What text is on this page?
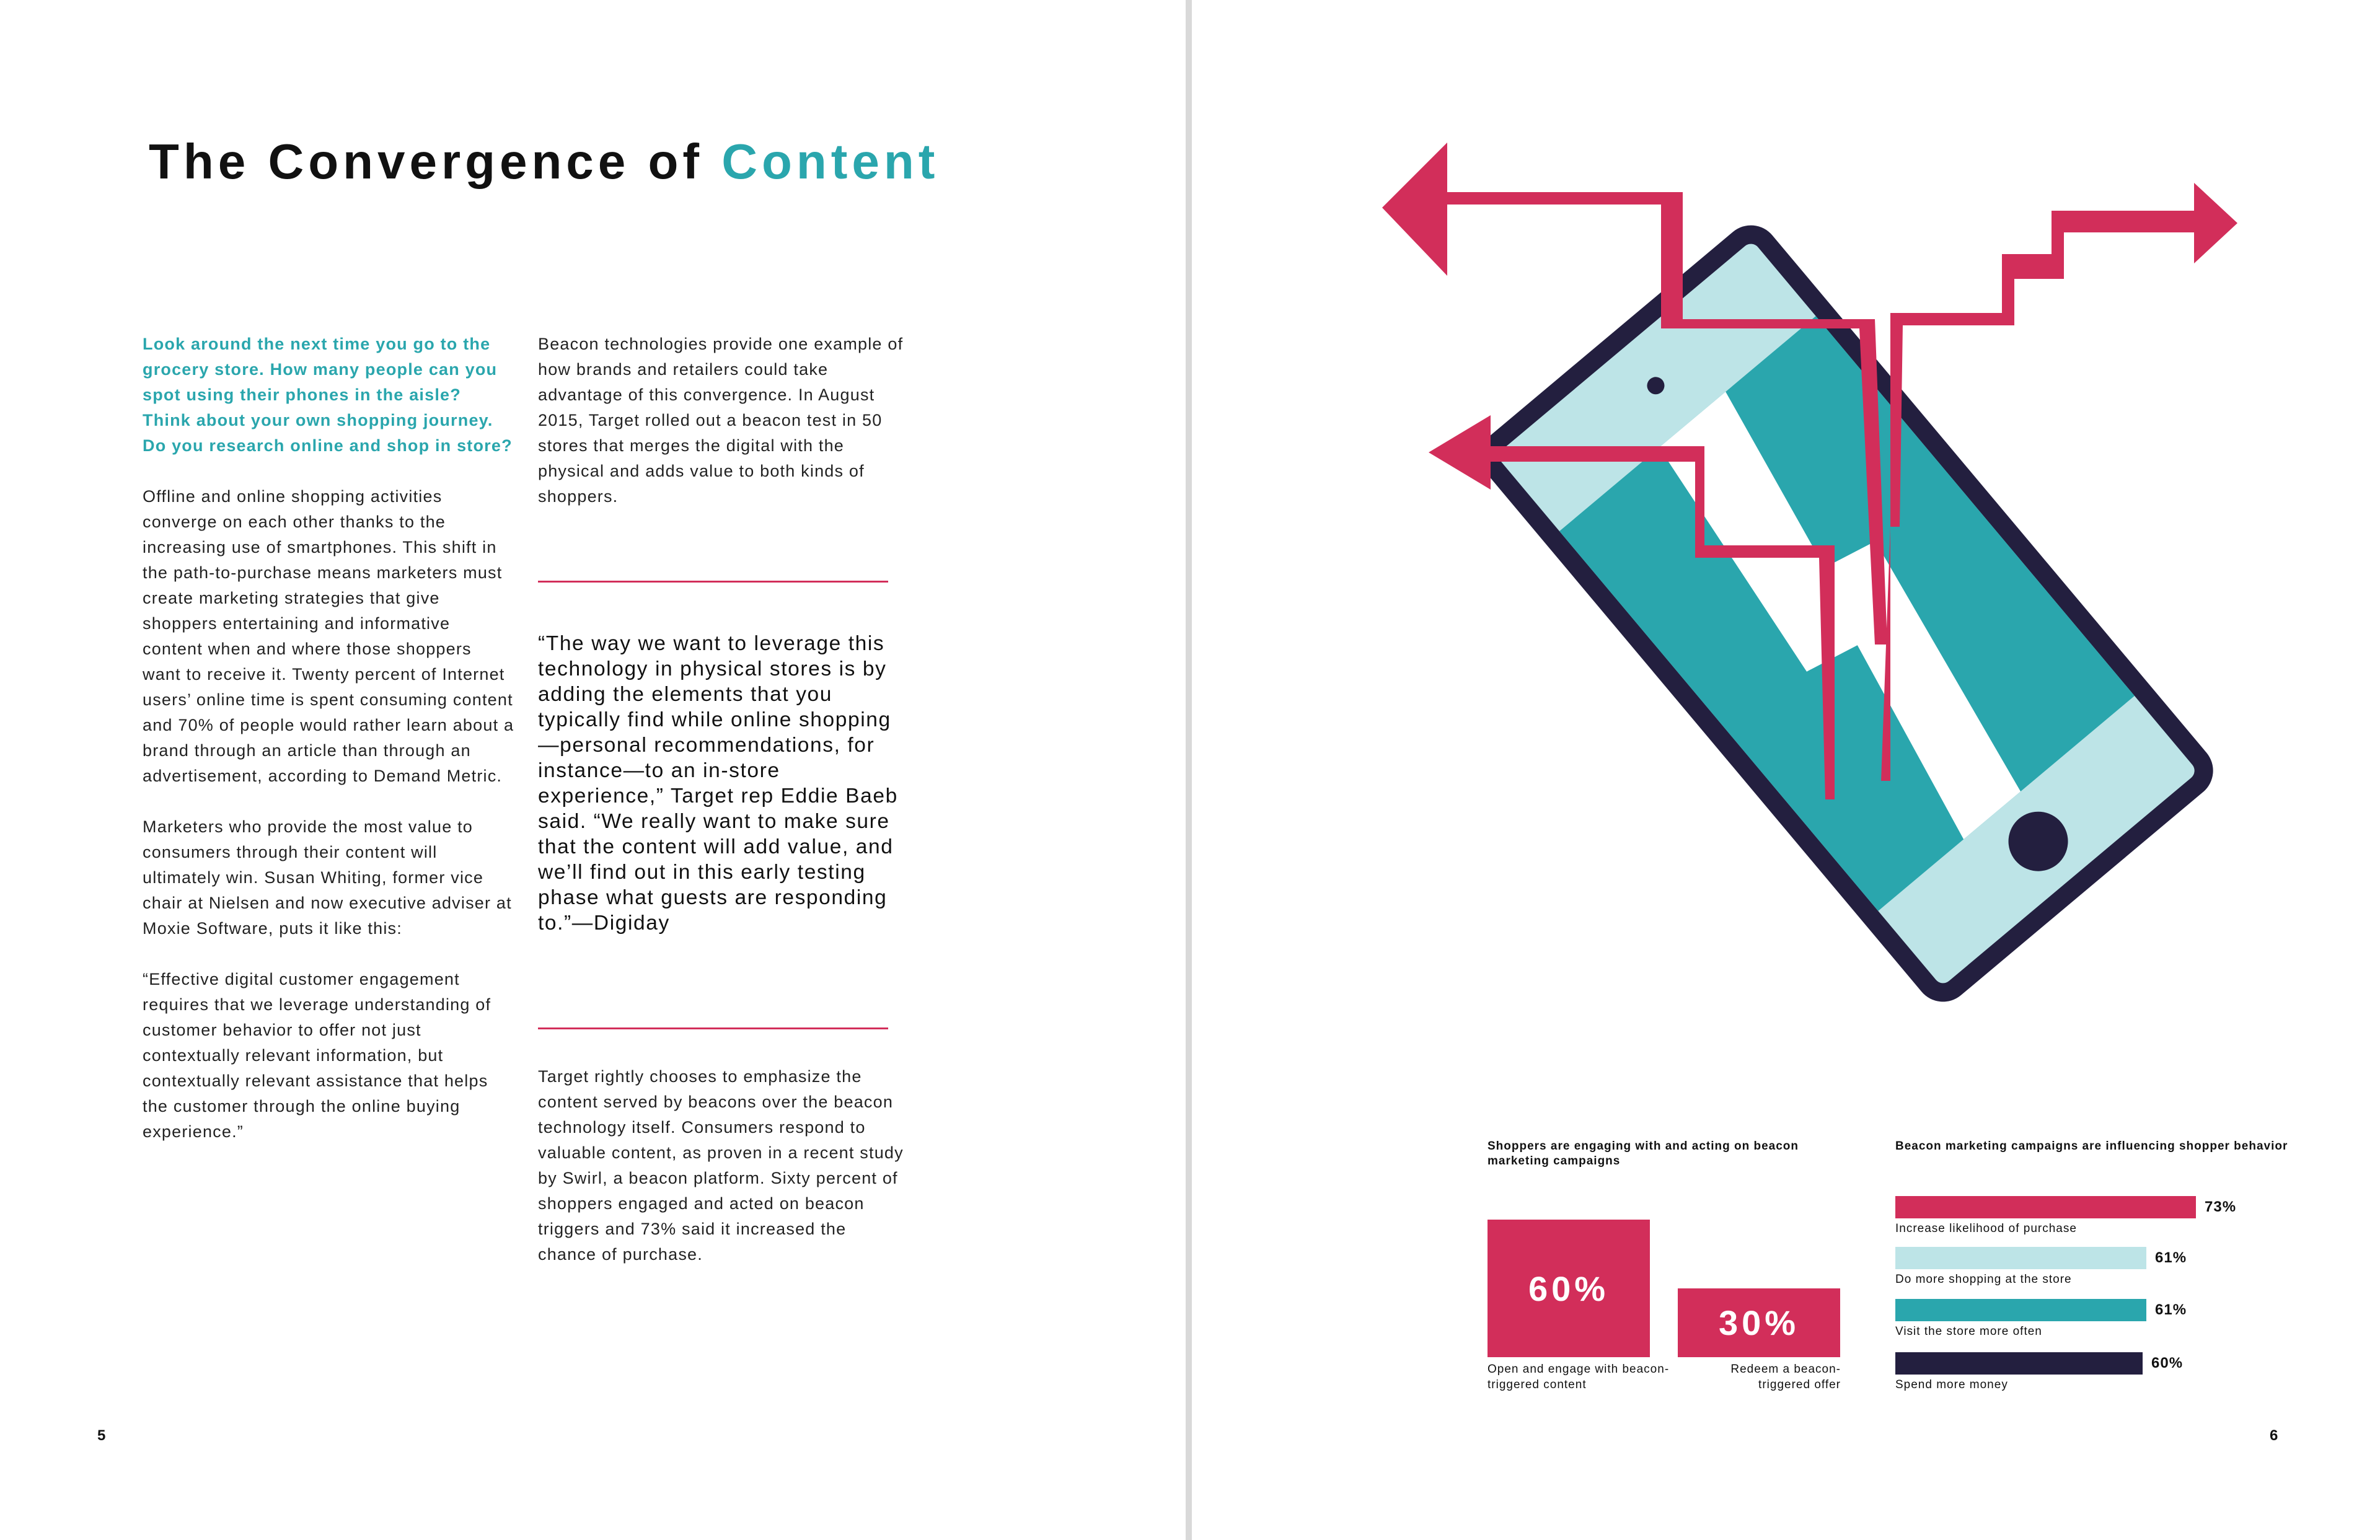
The Convergence of Content

Look around the next time you go to the grocery store. How many people can you spot using their phones in the aisle? Think about your own shopping journey. Do you research online and shop in store?

Offline and online shopping activities converge on each other thanks to the increasing use of smartphones. This shift in the path-to-purchase means marketers must create marketing strategies that give shoppers entertaining and informative content when and where those shoppers want to receive it. Twenty percent of Internet users’ online time is spent consuming content and 70% of people would rather learn about a brand through an article than through an advertisement, according to Demand Metric.

Marketers who provide the most value to consumers through their content will ultimately win. Susan Whiting, former vice chair at Nielsen and now executive adviser at Moxie Software, puts it like this:

“Effective digital customer engagement requires that we leverage understanding of customer behavior to offer not just contextually relevant information, but contextually relevant assistance that helps the customer through the online buying experience.”

Beacon technologies provide one example of how brands and retailers could take advantage of this convergence. In August 2015, Target rolled out a beacon test in 50 stores that merges the digital with the physical and adds value to both kinds of shoppers.

“The way we want to leverage this technology in physical stores is by adding the elements that you typically find while online shopping—personal recommendations, for instance—to an in-store experience,” Target rep Eddie Baeb said. “We really want to make sure that the content will add value, and we’ll find out in this early testing phase what guests are responding to.”—Digiday

Target rightly chooses to emphasize the content served by beacons over the beacon technology itself. Consumers respond to valuable content, as proven in a recent study by Swirl, a beacon platform. Sixty percent of shoppers engaged and acted on beacon triggers and 73% said it increased the chance of purchase.

5
Shoppers are engaging with and acting on beacon marketing campaigns
Beacon marketing campaigns are influencing shopper behavior
60%
30%
Open and engage with beacon-triggered content
Redeem a beacon-triggered offer
73%
Increase likelihood of purchase
61%
Do more shopping at the store
61%
Visit the store more often
60%
Spend more money
6
